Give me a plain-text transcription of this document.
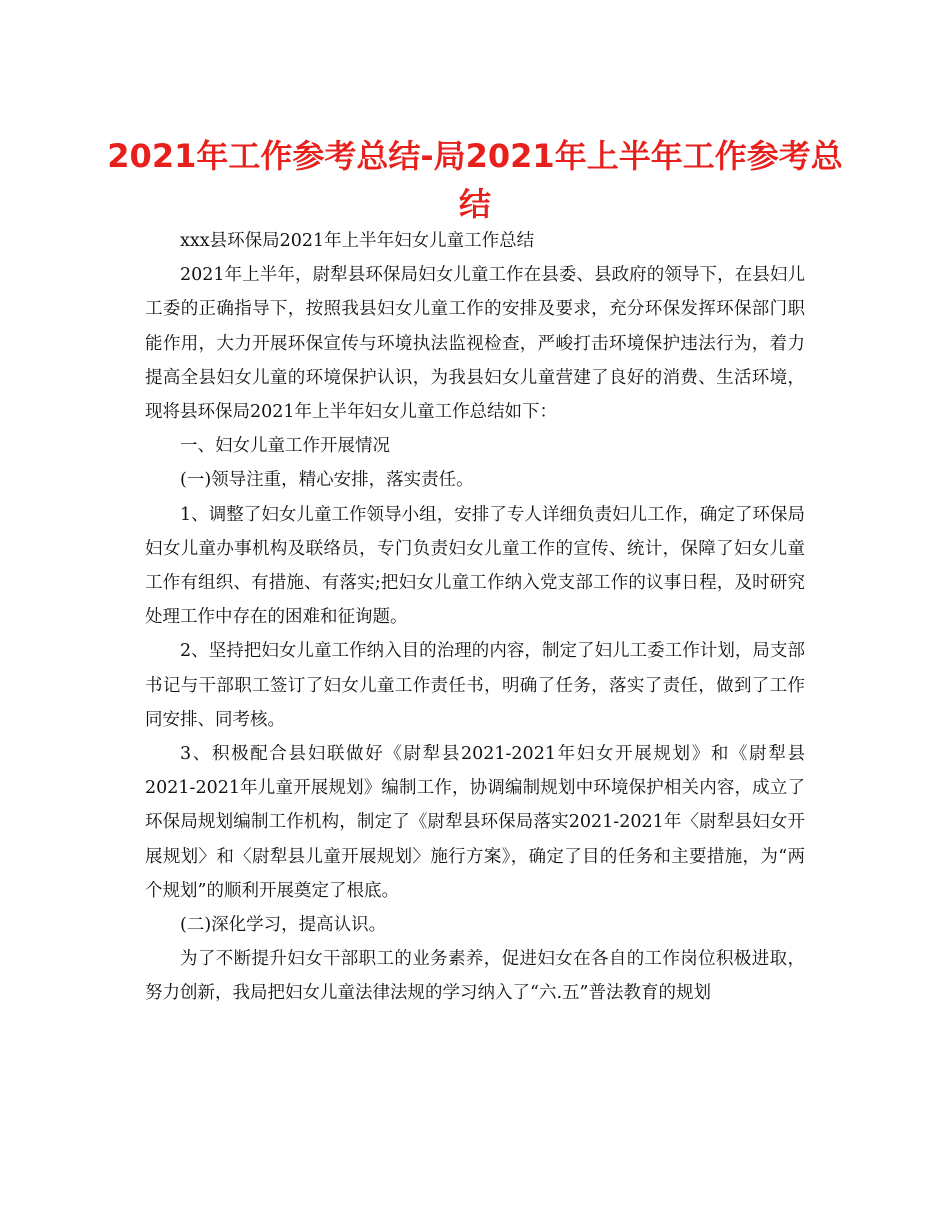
2021年工作参考总结-局2021年上半年工作参考总结

xxx县环保局2021年上半年妇女儿童工作总结

2021年上半年，尉犁县环保局妇女儿童工作在县委、县政府的领导下，在县妇儿工委的正确指导下，按照我县妇女儿童工作的安排及要求，充分环保发挥环保部门职能作用，大力开展环保宣传与环境执法监视检查，严峻打击环境保护违法行为，着力提高全县妇女儿童的环境保护认识，为我县妇女儿童营建了良好的消费、生活环境，现将县环保局2021年上半年妇女儿童工作总结如下：

一、妇女儿童工作开展情况

(一)领导注重，精心安排，落实责任。

1、调整了妇女儿童工作领导小组，安排了专人详细负责妇儿工作，确定了环保局妇女儿童办事机构及联络员，专门负责妇女儿童工作的宣传、统计，保障了妇女儿童工作有组织、有措施、有落实;把妇女儿童工作纳入党支部工作的议事日程，及时研究处理工作中存在的困难和征询题。

2、坚持把妇女儿童工作纳入目的治理的内容，制定了妇儿工委工作计划，局支部书记与干部职工签订了妇女儿童工作责任书，明确了任务，落实了责任，做到了工作同安排、同考核。

3、积极配合县妇联做好《尉犁县2021-2021年妇女开展规划》和《尉犁县2021-2021年儿童开展规划》编制工作，协调编制规划中环境保护相关内容，成立了环保局规划编制工作机构，制定了《尉犁县环保局落实2021-2021年〈尉犁县妇女开展规划〉和〈尉犁县儿童开展规划〉施行方案》，确定了目的任务和主要措施，为“两个规划”的顺利开展奠定了根底。

(二)深化学习，提高认识。

为了不断提升妇女干部职工的业务素养，促进妇女在各自的工作岗位积极进取，努力创新，我局把妇女儿童法律法规的学习纳入了“六.五”普法教育的规划
